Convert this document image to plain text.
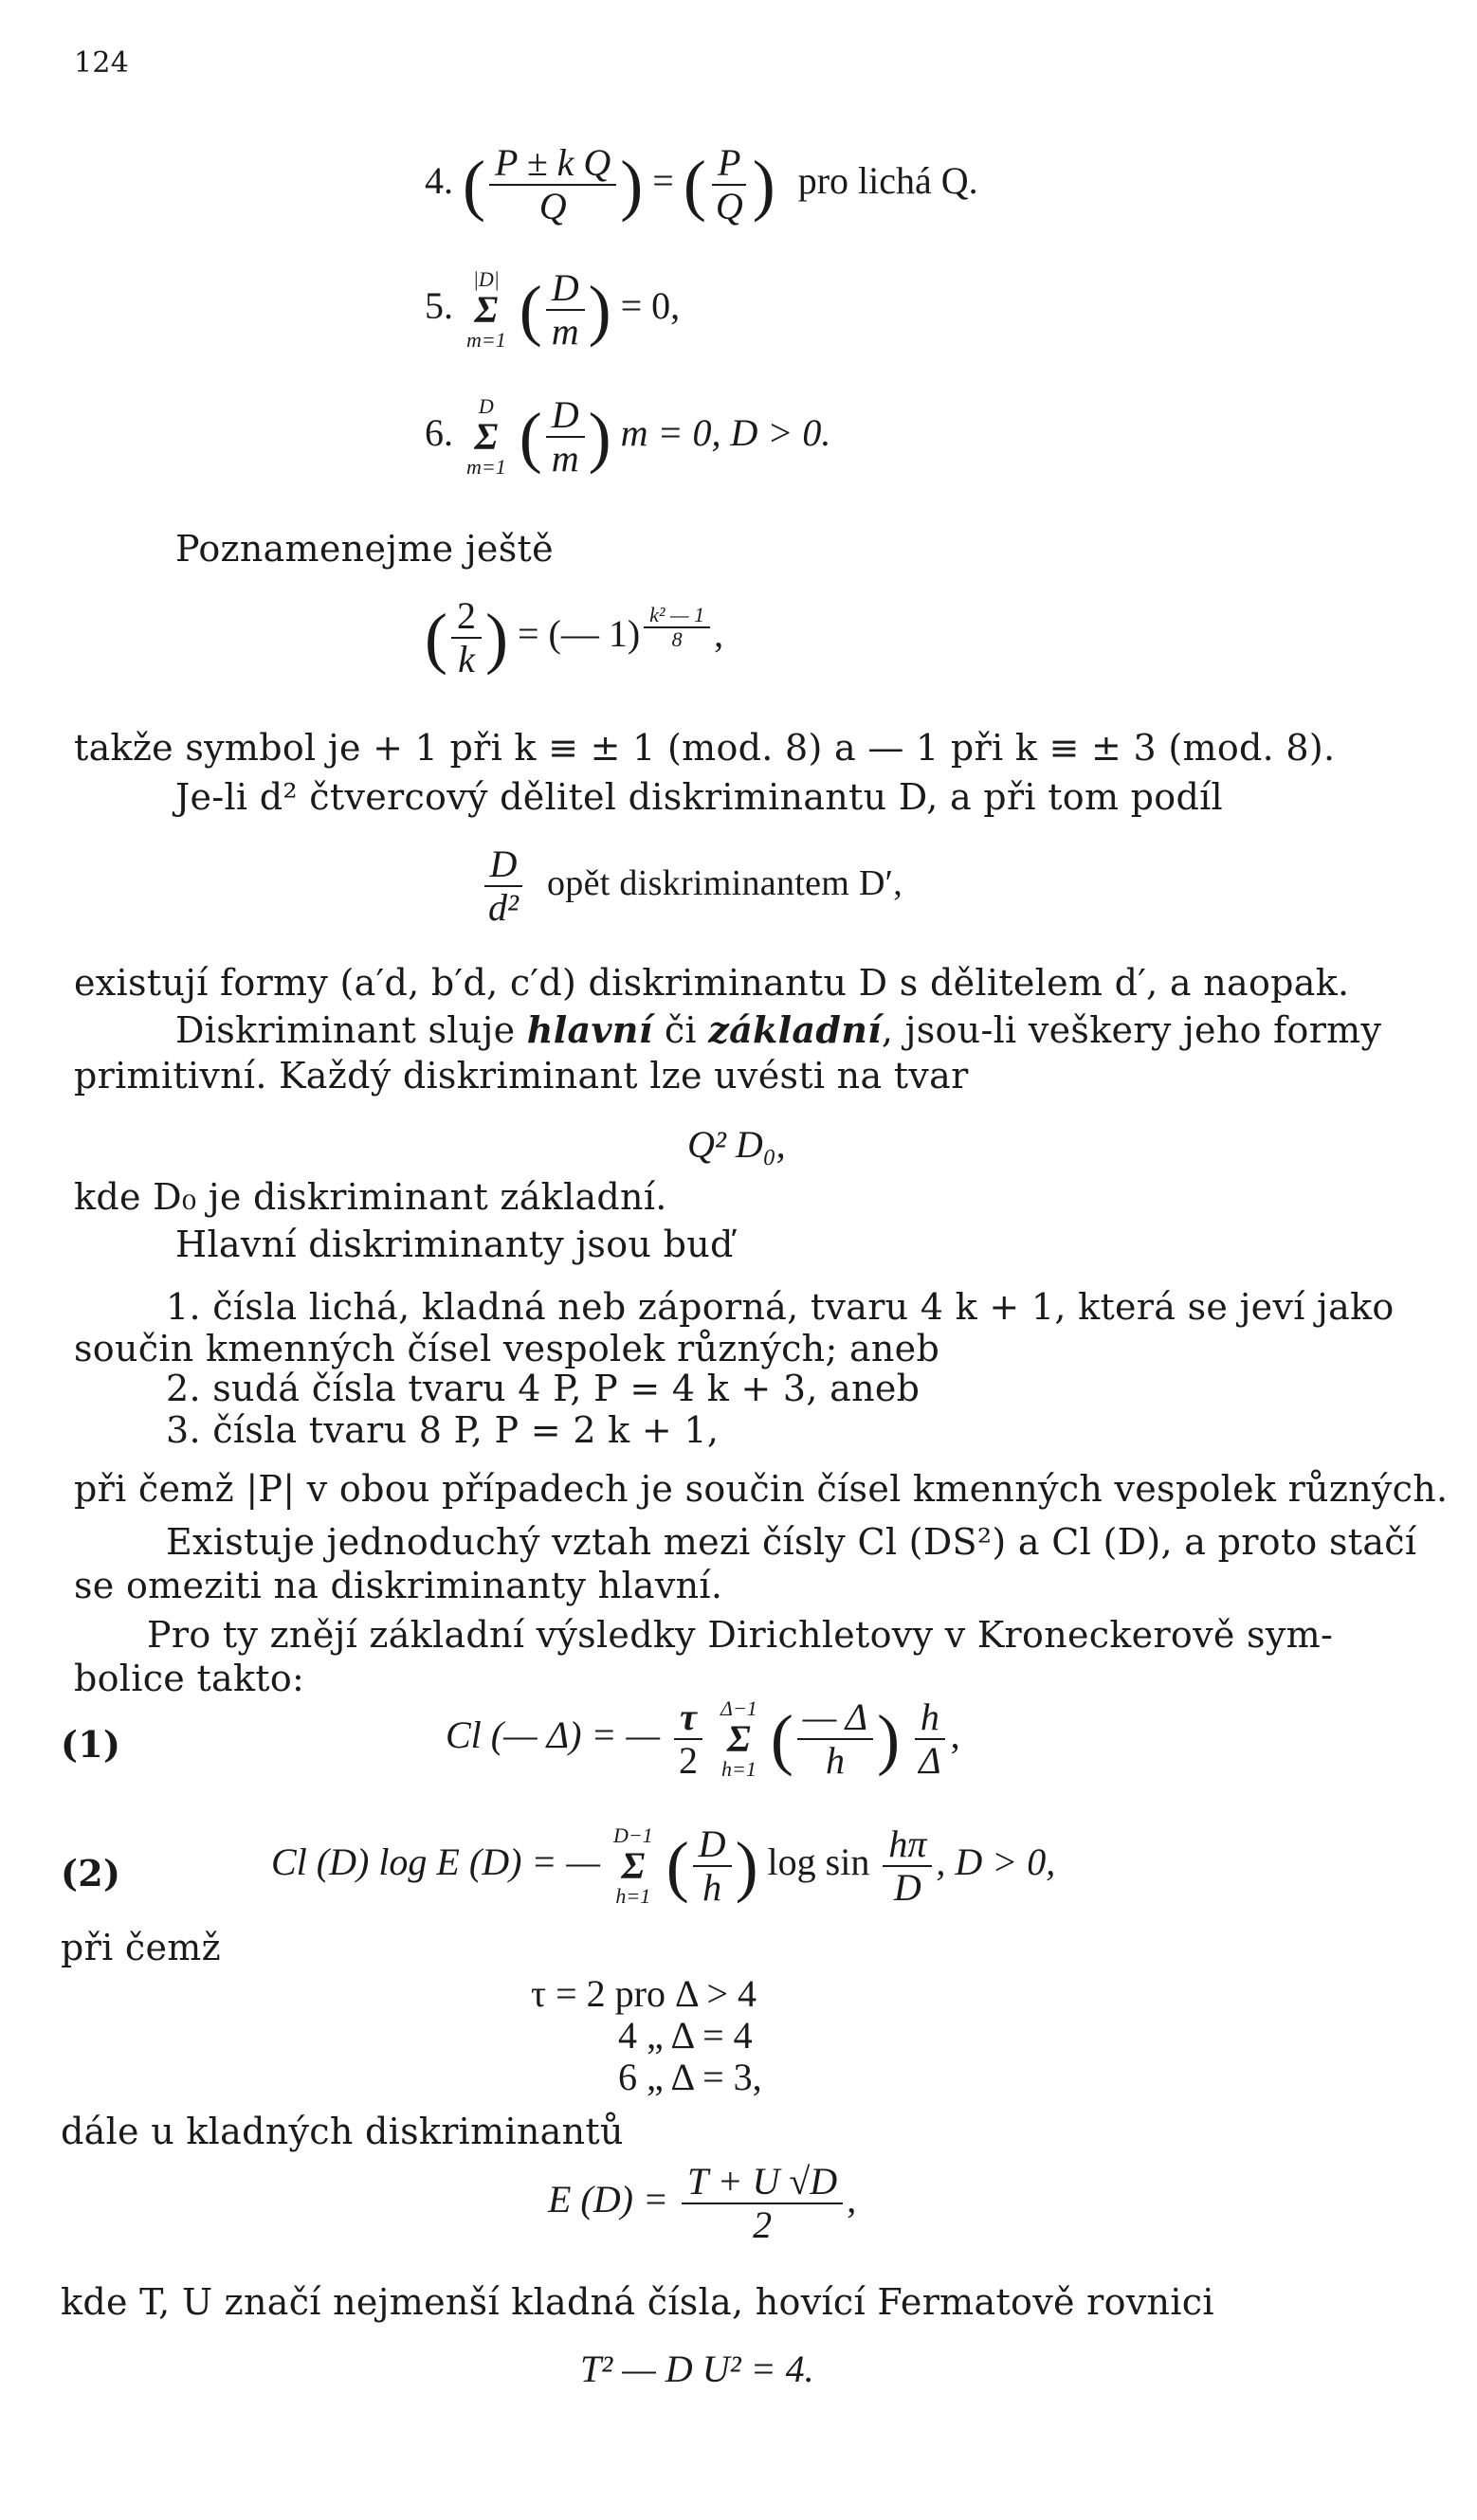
124
4. ( $\frac{\text{P ± k Q}}{Q}$ ) = ( $\frac{P}{Q}$ ) pro lichá Q.
5.
|D|
Σ
m=1 ( $\frac{D}{m}$ ) = 0,
6.
D
Σ
m=1 ( $\frac{D}{m}$ ) m = 0, D > 0.
Poznamenejme ještě
( $\frac{2}{k}$ ) = (— $1) \frac{\text{k² — 1}}{8}$ ,
takže symbol je + 1 při k ≡ ± 1 (mod. 8) a — 1 při k ≡ ± 3 (mod. 8).
Je-li d² čtvercový dělitel diskriminantu D, a při tom podíl
$\frac{D}{\text{d²}}$ opět diskriminantem D′,
existují formy (a′d, b′d, c′d) diskriminantu D s dělitelem d′, a naopak.
Diskriminant sluje hlavní či základní, jsou-li veškery jeho formy
primitivní. Každý diskriminant lze uvésti na tvar
Q² D₀,
kde D₀ je diskriminant základní.
Hlavní diskriminanty jsou buď
1. čísla lichá, kladná neb záporná, tvaru 4 k + 1, která se jeví jako
součin kmenných čísel vespolek různých; aneb
2. sudá čísla tvaru 4 P, P = 4 k + 3, aneb
3. čísla tvaru 8 P, P = 2 k + 1,
při čemž |P| v obou případech je součin čísel kmenných vespolek různých.
Existuje jednoduchý vztah mezi čísly Cl (DS²) a Cl (D), a proto stačí
se omeziti na diskriminanty hlavní.
Pro ty znějí základní výsledky Dirichletovy v Kroneckerově sym-
bolice takto:
(1)	Cl (— Δ) = — $\frac{\tau}{2}$
Δ−1
Σ
h=1 ( $\frac{— \Delta}{h}$ ) $\frac{h}{\Delta}$ ,
(2)	Cl (D) log E (D) = —
D−1
Σ
h=1 ( $\frac{D}{h}$ ) $\log \sin \frac{h\pi}{D}$ , D > 0,
při čemž
τ = 2 pro Δ > 4
4 „ Δ = 4
6 „ Δ = 3,
dále u kladných diskriminantů
E $(D) = \frac{T + U √D}{2}$ ,
kde T, U značí nejmenší kladná čísla, hovící Fermatově rovnici
T² — D U² = 4.
